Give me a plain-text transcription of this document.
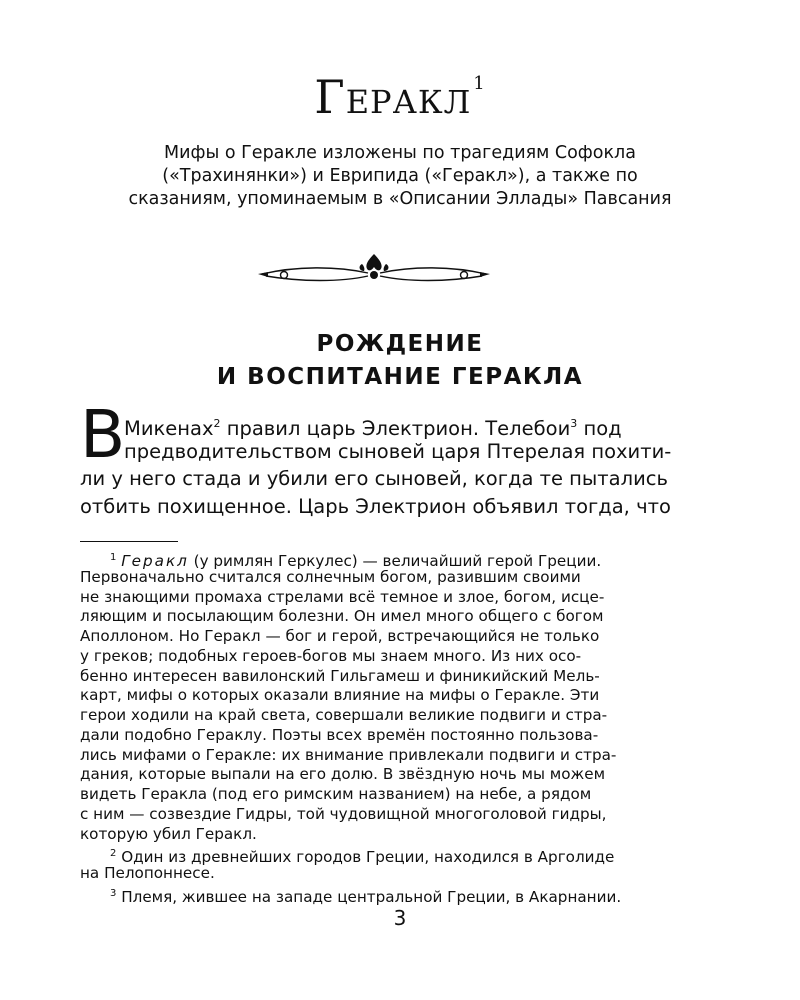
Геракл $^1$
Мифы о Геракле изложены по трагедиям Софокла («Трахинянки») и Еврипида («Геракл»), а также по сказаниям, упоминаемым в «Описании Эллады» Павсания
РОЖДЕНИЕ
И ВОСПИТАНИЕ ГЕРАКЛА
В
Микенах$^2$ правил царь Электрион. Телебои$^3$ под
предводительством сыновей царя Птерелая похити-
ли у него стада и убили его сыновей, когда те пытались
отбить похищенное. Царь Электрион объявил тогда, что
$^1$ Геракл (у римлян Геркулес) — величайший герой Греции.
Первоначально считался солнечным богом, разившим своими
не знающими промаха стрелами всё темное и злое, богом, исце-
ляющим и посылающим болезни. Он имел много общего с богом
Аполлоном. Но Геракл — бог и герой, встречающийся не только
у греков; подобных героев-богов мы знаем много. Из них осо-
бенно интересен вавилонский Гильгамеш и финикийский Мель-
карт, мифы о которых оказали влияние на мифы о Геракле. Эти
герои ходили на край света, совершали великие подвиги и стра-
дали подобно Гераклу. Поэты всех времён постоянно пользова-
лись мифами о Геракле: их внимание привлекали подвиги и стра-
дания, которые выпали на его долю. В звёздную ночь мы можем
видеть Геракла (под его римским названием) на небе, а рядом
с ним — созвездие Гидры, той чудовищной многоголовой гидры,
которую убил Геракл.
$^2$ Один из древнейших городов Греции, находился в Арголиде
на Пелопоннесе.
$^3$ Племя, жившее на западе центральной Греции, в Акарнании.
3
